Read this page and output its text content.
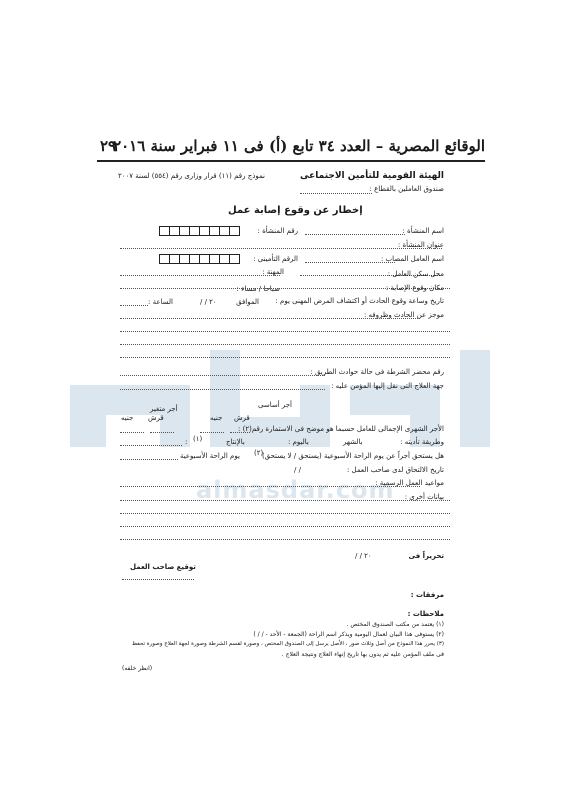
almasdar.com
٢٩
الوقائع المصرية – العدد ٣٤ تابع (أ) فى ١١ فبراير سنة ٢٠١٦
الهيئة القومية للتأمين الاجتماعى
صندوق العاملين بالقطاع :
نموذج رقم (١١) قرار وزارى رقم (٥٥٤) لسنة ٢٠٠٧
إخطار عن وقوع إصابة عمل
اسم المنشأة :
رقم المنشأة :
عنوان المنشأة :
اسم العامل المصاب :
الرقم التأمينى :
المهنة :	محل سكن العامل :
مكان وقوع الإصابة :
صباحا / مساء :
تاريخ وساعة وقوع الحادث أو اكتشاف المرض المهنى يوم :
الموافق
/ / ٢٠
الساعة :
موجز عن الحادث وظروفه :
رقم محضر الشرطة فى حالة حوادث الطريق :
جهة العلاج التى نقل إليها المؤمن عليه :
أجر أساسى
أجر متغير
جنيه قرش
جنيه قرش
الأجر الشهرى الإجمالى للعامل حسبما هو موضح فى الاستمارة رقم(٢) :
وطريقة تأديته :
بالشهر
باليوم :
بالإنتاج
(١)
:
هل يستحق أجراً عن يوم الراحة الأسبوعية (يستحق / لا يستحق)
يوم الراحة الأسبوعية (٢)
تاريخ الالتحاق لدى صاحب العمل :
/ /
مواعيد العمل الرسمية :
بيانات أخرى :
تحريراً فى
/ / ٢٠
توقيع صاحب العمل
مرفقات :
ملاحظات :
(١) يعتمد من مكتب الصندوق المختص .
(٢) يستوفى هذا البيان لعمال اليومية ويذكر اسم الراحة (الجمعة - الأحد - / / )
(٣) يحرر هذا النموذج من أصل وثلاث صور ، الأصل يرسل إلى الصندوق المختص ، وصورة لقسم الشرطة وصورة لجهة العلاج وصورة تحفظ
فى ملف المؤمن عليه ثم يدون بها تاريخ إنهاء العلاج ونتيجة العلاج .
(انظر خلفه)
